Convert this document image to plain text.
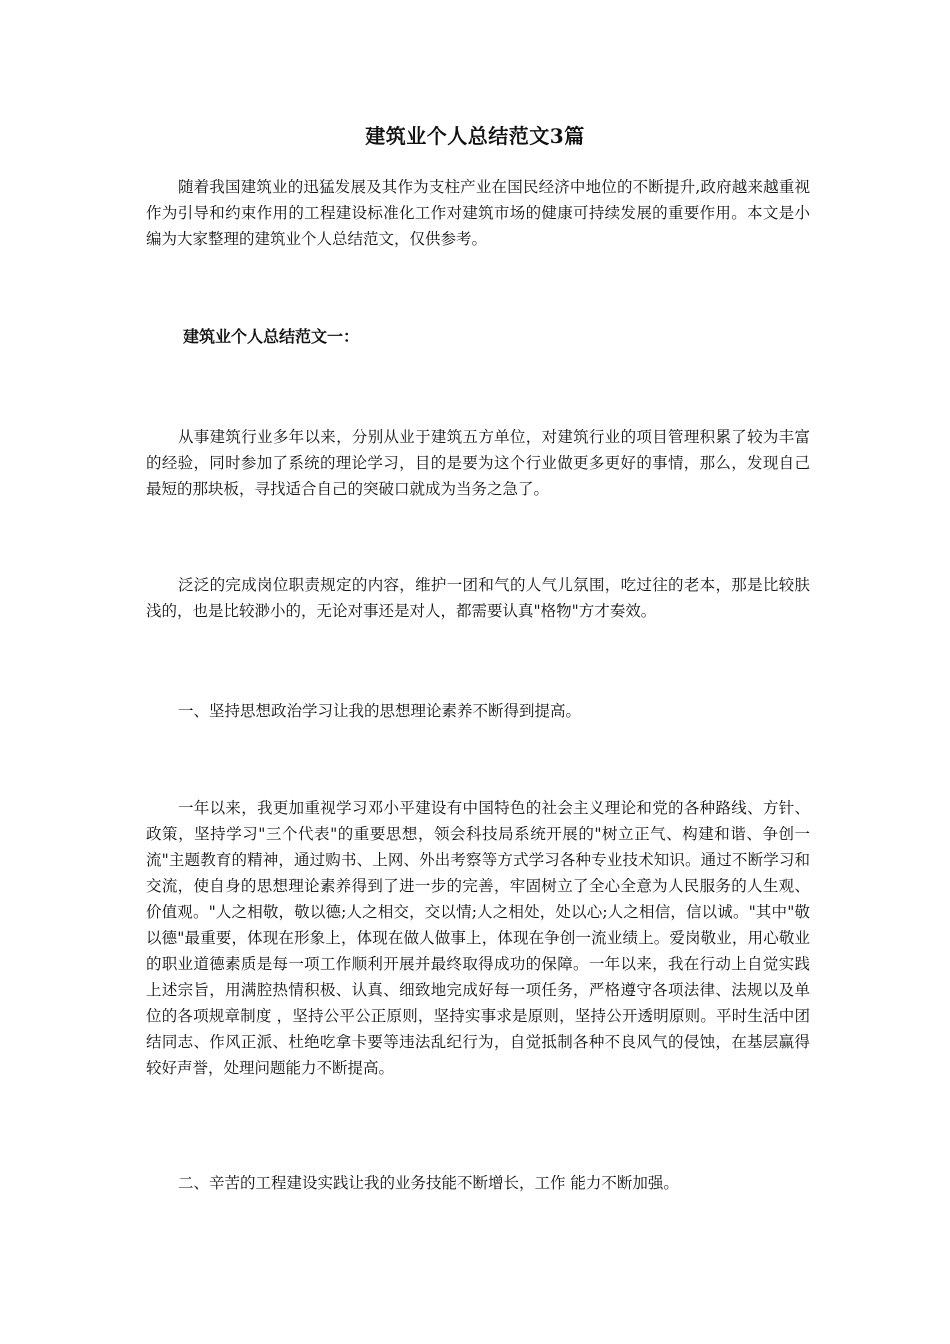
建筑业个人总结范文3篇

随着我国建筑业的迅猛发展及其作为支柱产业在国民经济中地位的不断提升,政府越来越重视作为引导和约束作用的工程建设标准化工作对建筑市场的健康可持续发展的重要作用。本文是小编为大家整理的建筑业个人总结范文，仅供参考。

建筑业个人总结范文一：

从事建筑行业多年以来，分别从业于建筑五方单位，对建筑行业的项目管理积累了较为丰富的经验，同时参加了系统的理论学习，目的是要为这个行业做更多更好的事情，那么，发现自己最短的那块板，寻找适合自己的突破口就成为当务之急了。

泛泛的完成岗位职责规定的内容，维护一团和气的人气儿氛围，吃过往的老本，那是比较肤浅的，也是比较渺小的，无论对事还是对人，都需要认真"格物"方才奏效。

一、坚持思想政治学习让我的思想理论素养不断得到提高。

一年以来，我更加重视学习邓小平建设有中国特色的社会主义理论和党的各种路线、方针、政策，坚持学习"三个代表"的重要思想，领会科技局系统开展的"树立正气、构建和谐、争创一流"主题教育的精神，通过购书、上网、外出考察等方式学习各种专业技术知识。通过不断学习和交流，使自身的思想理论素养得到了进一步的完善，牢固树立了全心全意为人民服务的人生观、价值观。"人之相敬，敬以德;人之相交，交以情;人之相处，处以心;人之相信，信以诚。"其中"敬以德"最重要，体现在形象上，体现在做人做事上，体现在争创一流业绩上。爱岗敬业，用心敬业的职业道德素质是每一项工作顺利开展并最终取得成功的保障。一年以来，我在行动上自觉实践上述宗旨，用满腔热情积极、认真、细致地完成好每一项任务，严格遵守各项法律、法规以及单位的各项规章制度 ，坚持公平公正原则，坚持实事求是原则，坚持公开透明原则。平时生活中团结同志、作风正派、杜绝吃拿卡要等违法乱纪行为，自觉抵制各种不良风气的侵蚀，在基层赢得较好声誉，处理问题能力不断提高。

二、辛苦的工程建设实践让我的业务技能不断增长，工作 能力不断加强。
